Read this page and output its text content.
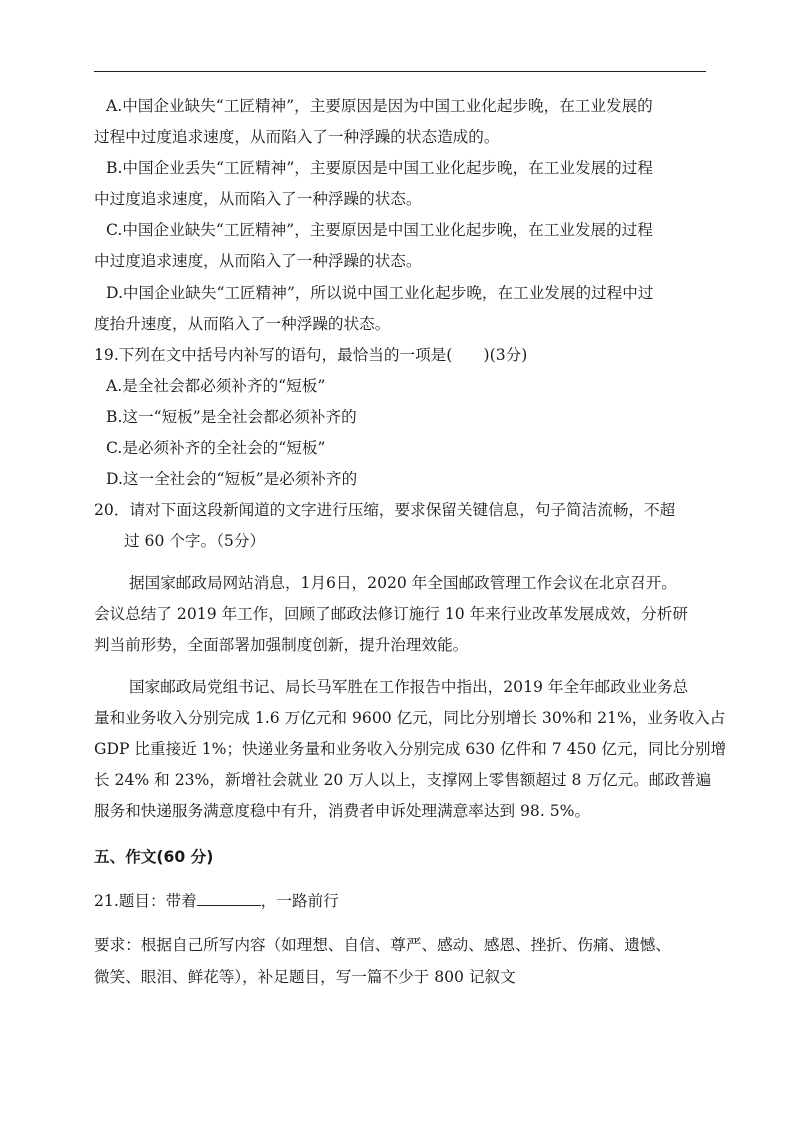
A.中国企业缺失“工匠精神”，主要原因是因为中国工业化起步晚，在工业发展的
过程中过度追求速度，从而陷入了一种浮躁的状态造成的。
B.中国企业丢失“工匠精神”，主要原因是中国工业化起步晚，在工业发展的过程
中过度追求速度，从而陷入了一种浮躁的状态。
C.中国企业缺失“工匠精神”，主要原因是中国工业化起步晚，在工业发展的过程
中过度追求速度，从而陷入了一种浮躁的状态。
D.中国企业缺失“工匠精神”，所以说中国工业化起步晚，在工业发展的过程中过
度抬升速度，从而陷入了一种浮躁的状态。
19.下列在文中括号内补写的语句，最恰当的一项是(　　)(3分)
A.是全社会都必须补齐的“短板”
B.这一“短板”是全社会都必须补齐的
C.是必须补齐的全社会的“短板”
D.这一全社会的“短板”是必须补齐的
20．请对下面这段新闻道的文字进行压缩，要求保留关键信息，句子简洁流畅，不超
过 60 个字。（5分）
据国家邮政局网站消息，1月6日，2020 年全国邮政管理工作会议在北京召开。
会议总结了 2019 年工作，回顾了邮政法修订施行 10 年来行业改革发展成效，分析研
判当前形势，全面部署加强制度创新，提升治理效能。
国家邮政局党组书记、局长马军胜在工作报告中指出，2019 年全年邮政业业务总
量和业务收入分别完成 1.6 万亿元和 9600 亿元，同比分别增长 30%和 21%，业务收入占
GDP 比重接近 1%；快递业务量和业务收入分别完成 630 亿件和 7 450 亿元，同比分别增
长 24% 和 23%，新增社会就业 20 万人以上，支撑网上零售额超过 8 万亿元。邮政普遍
服务和快递服务满意度稳中有升，消费者申诉处理满意率达到 98. 5%。
五、作文(60 分)
21.题目：带着	，一路前行
要求：根据自己所写内容（如理想、自信、尊严、感动、感恩、挫折、伤痛、遗憾、
微笑、眼泪、鲜花等），补足题目，写一篇不少于 800 记叙文
